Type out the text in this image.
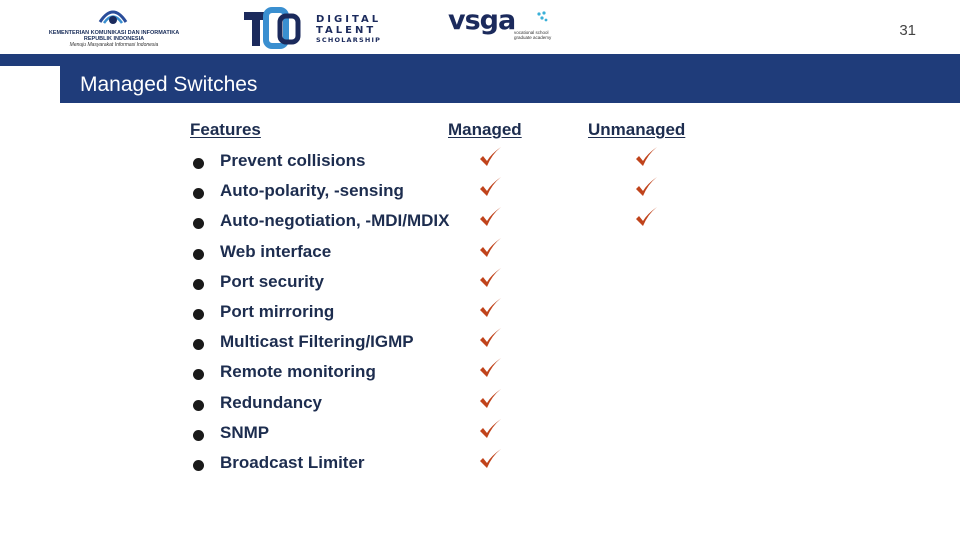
KEMENTERIAN KOMUNIKASI DAN INFORMATIKA
REPUBLIK INDONESIA
Menuju Masyarakat Informasi Indonesia
DIGITAL
TALENT
SCHOLARSHIP
vsga
vocational school graduate academy	31
Managed Switches
Features	Managed	Unmanaged
Prevent collisions
Auto-polarity, -sensing
Auto-negotiation, -MDI/MDIX
Web interface
Port security
Port mirroring
Multicast Filtering/IGMP
Remote monitoring
Redundancy
SNMP
Broadcast Limiter
